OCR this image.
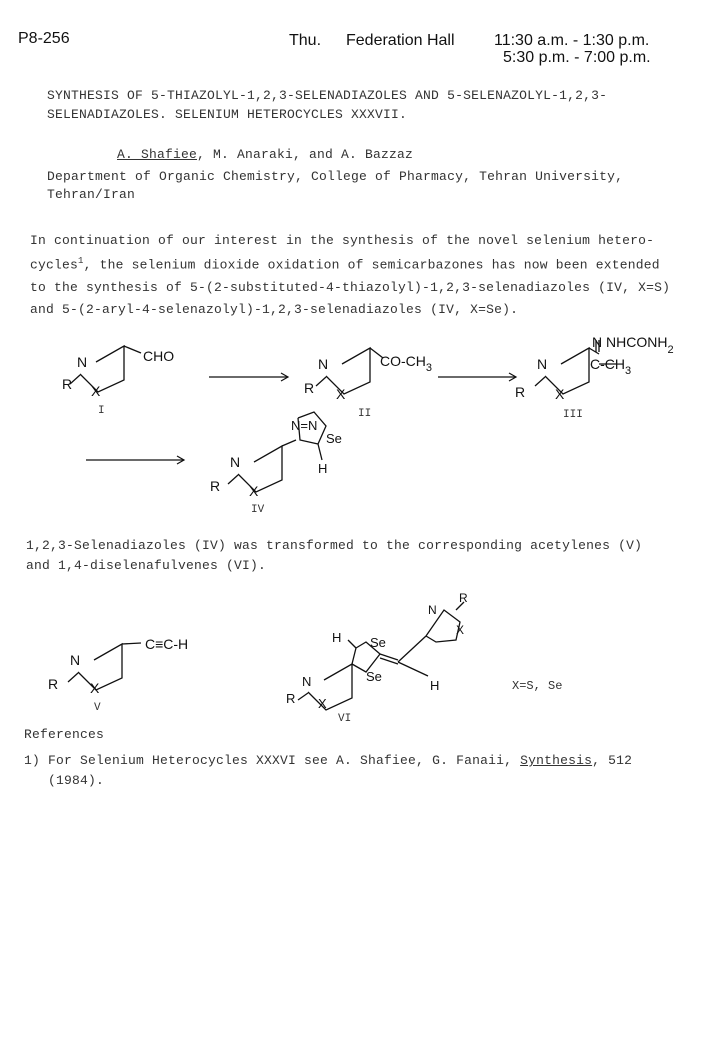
P8-256	Thu. Federation Hall 11:30 a.m. - 1:30 p.m.
5:30 p.m. - 7:00 p.m.
SYNTHESIS OF 5-THIAZOLYL-1,2,3-SELENADIAZOLES AND 5-SELENAZOLYL-1,2,3-
SELENADIAZOLES. SELENIUM HETEROCYCLES XXXVII.
A. Shafiee, M. Anaraki, and A. Bazzaz
Department of Organic Chemistry, College of Pharmacy, Tehran University,
Tehran/Iran
In continuation of our interest in the synthesis of the novel selenium hetero-
cycles$^1$, the selenium dioxide oxidation of semicarbazones has now been extended
to the synthesis of 5-(2-substituted-4-thiazolyl)-1,2,3-selenadiazoles (IV, X=S)
and 5-(2-aryl-4-selenazolyl)-1,2,3-selenadiazoles (IV, X=Se).
1,2,3-Selenadiazoles (IV) was transformed to the corresponding acetylenes (V)
and 1,4-diselenafulvenes (VI).
References
1) For Selenium Heterocycles XXXVI see A. Shafiee, G. Fanaii, Synthesis, 512
(1984).
N
R X
CHO
I
N
R X
$CO-CH_3$
II
N
R X
N $NHCONH_2$
$C-CH_3$
III
N=N
Se
H
N
R X
IV
N
R X
C≡C-H
V
H Se
Se
H
N
R X
N
X
R
VI
X=S, Se
